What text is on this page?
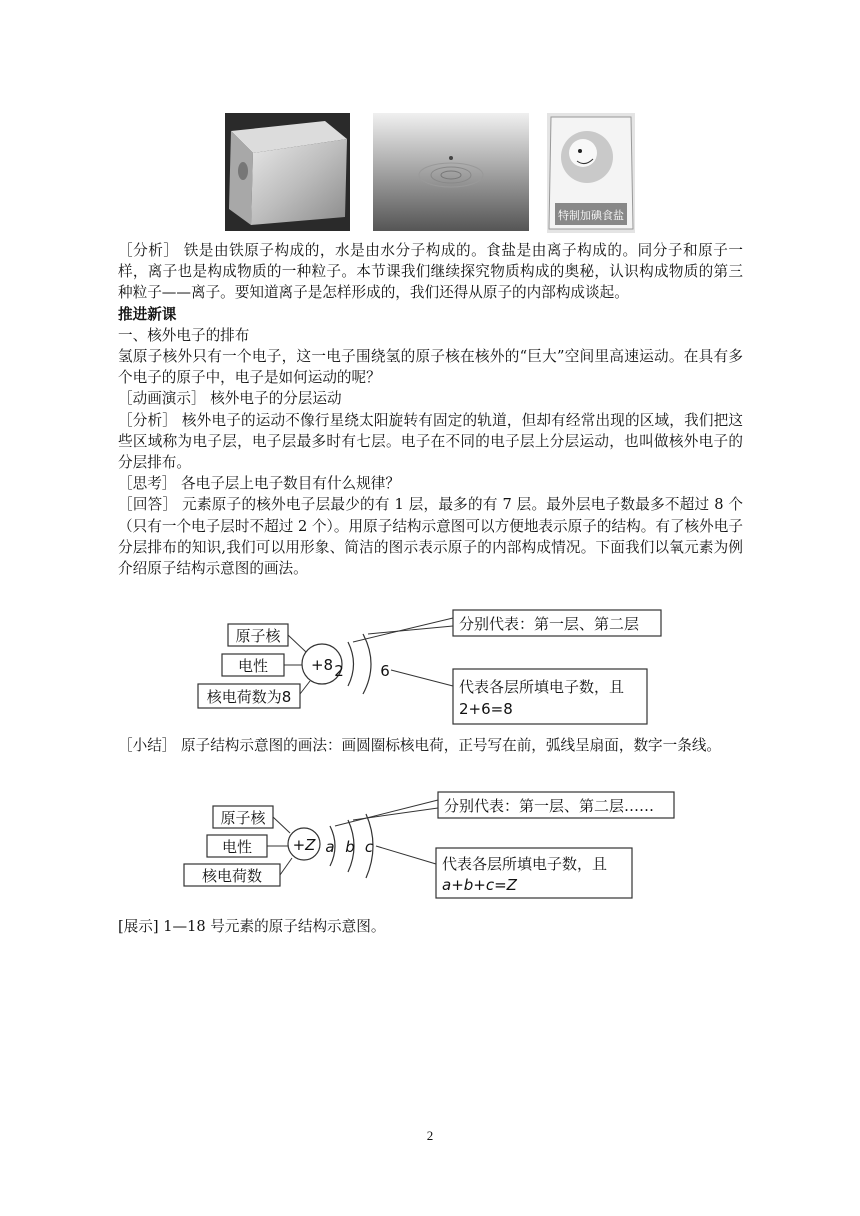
特制加碘食盐

［分析］ 铁是由铁原子构成的，水是由水分子构成的。食盐是由离子构成的。同分子和原子一样，离子也是构成物质的一种粒子。本节课我们继续探究物质构成的奥秘，认识构成物质的第三种粒子——离子。要知道离子是怎样形成的，我们还得从原子的内部构成谈起。

推进新课

一、核外电子的排布

氢原子核外只有一个电子，这一电子围绕氢的原子核在核外的“巨大”空间里高速运动。在具有多个电子的原子中，电子是如何运动的呢？

［动画演示］ 核外电子的分层运动

［分析］ 核外电子的运动不像行星绕太阳旋转有固定的轨道，但却有经常出现的区域，我们把这些区域称为电子层，电子层最多时有七层。电子在不同的电子层上分层运动，也叫做核外电子的分层排布。

［思考］ 各电子层上电子数目有什么规律？

［回答］ 元素原子的核外电子层最少的有 1 层，最多的有 7 层。最外层电子数最多不超过 8 个（只有一个电子层时不超过 2 个）。用原子结构示意图可以方便地表示原子的结构。有了核外电子分层排布的知识,我们可以用形象、简洁的图示表示原子的内部构成情况。下面我们以氧元素为例介绍原子结构示意图的画法。

原子核
电性
核电荷数为8
+8 2 6
分别代表：第一层、第二层
代表各层所填电子数，且
2+6=8

［小结］ 原子结构示意图的画法：画圆圈标核电荷，正号写在前，弧线呈扇面，数字一条线。

原子核
电性
核电荷数
+Z a b c
分别代表：第一层、第二层……
代表各层所填电子数，且
a+b+c=Z

[展示] 1—18 号元素的原子结构示意图。

2
